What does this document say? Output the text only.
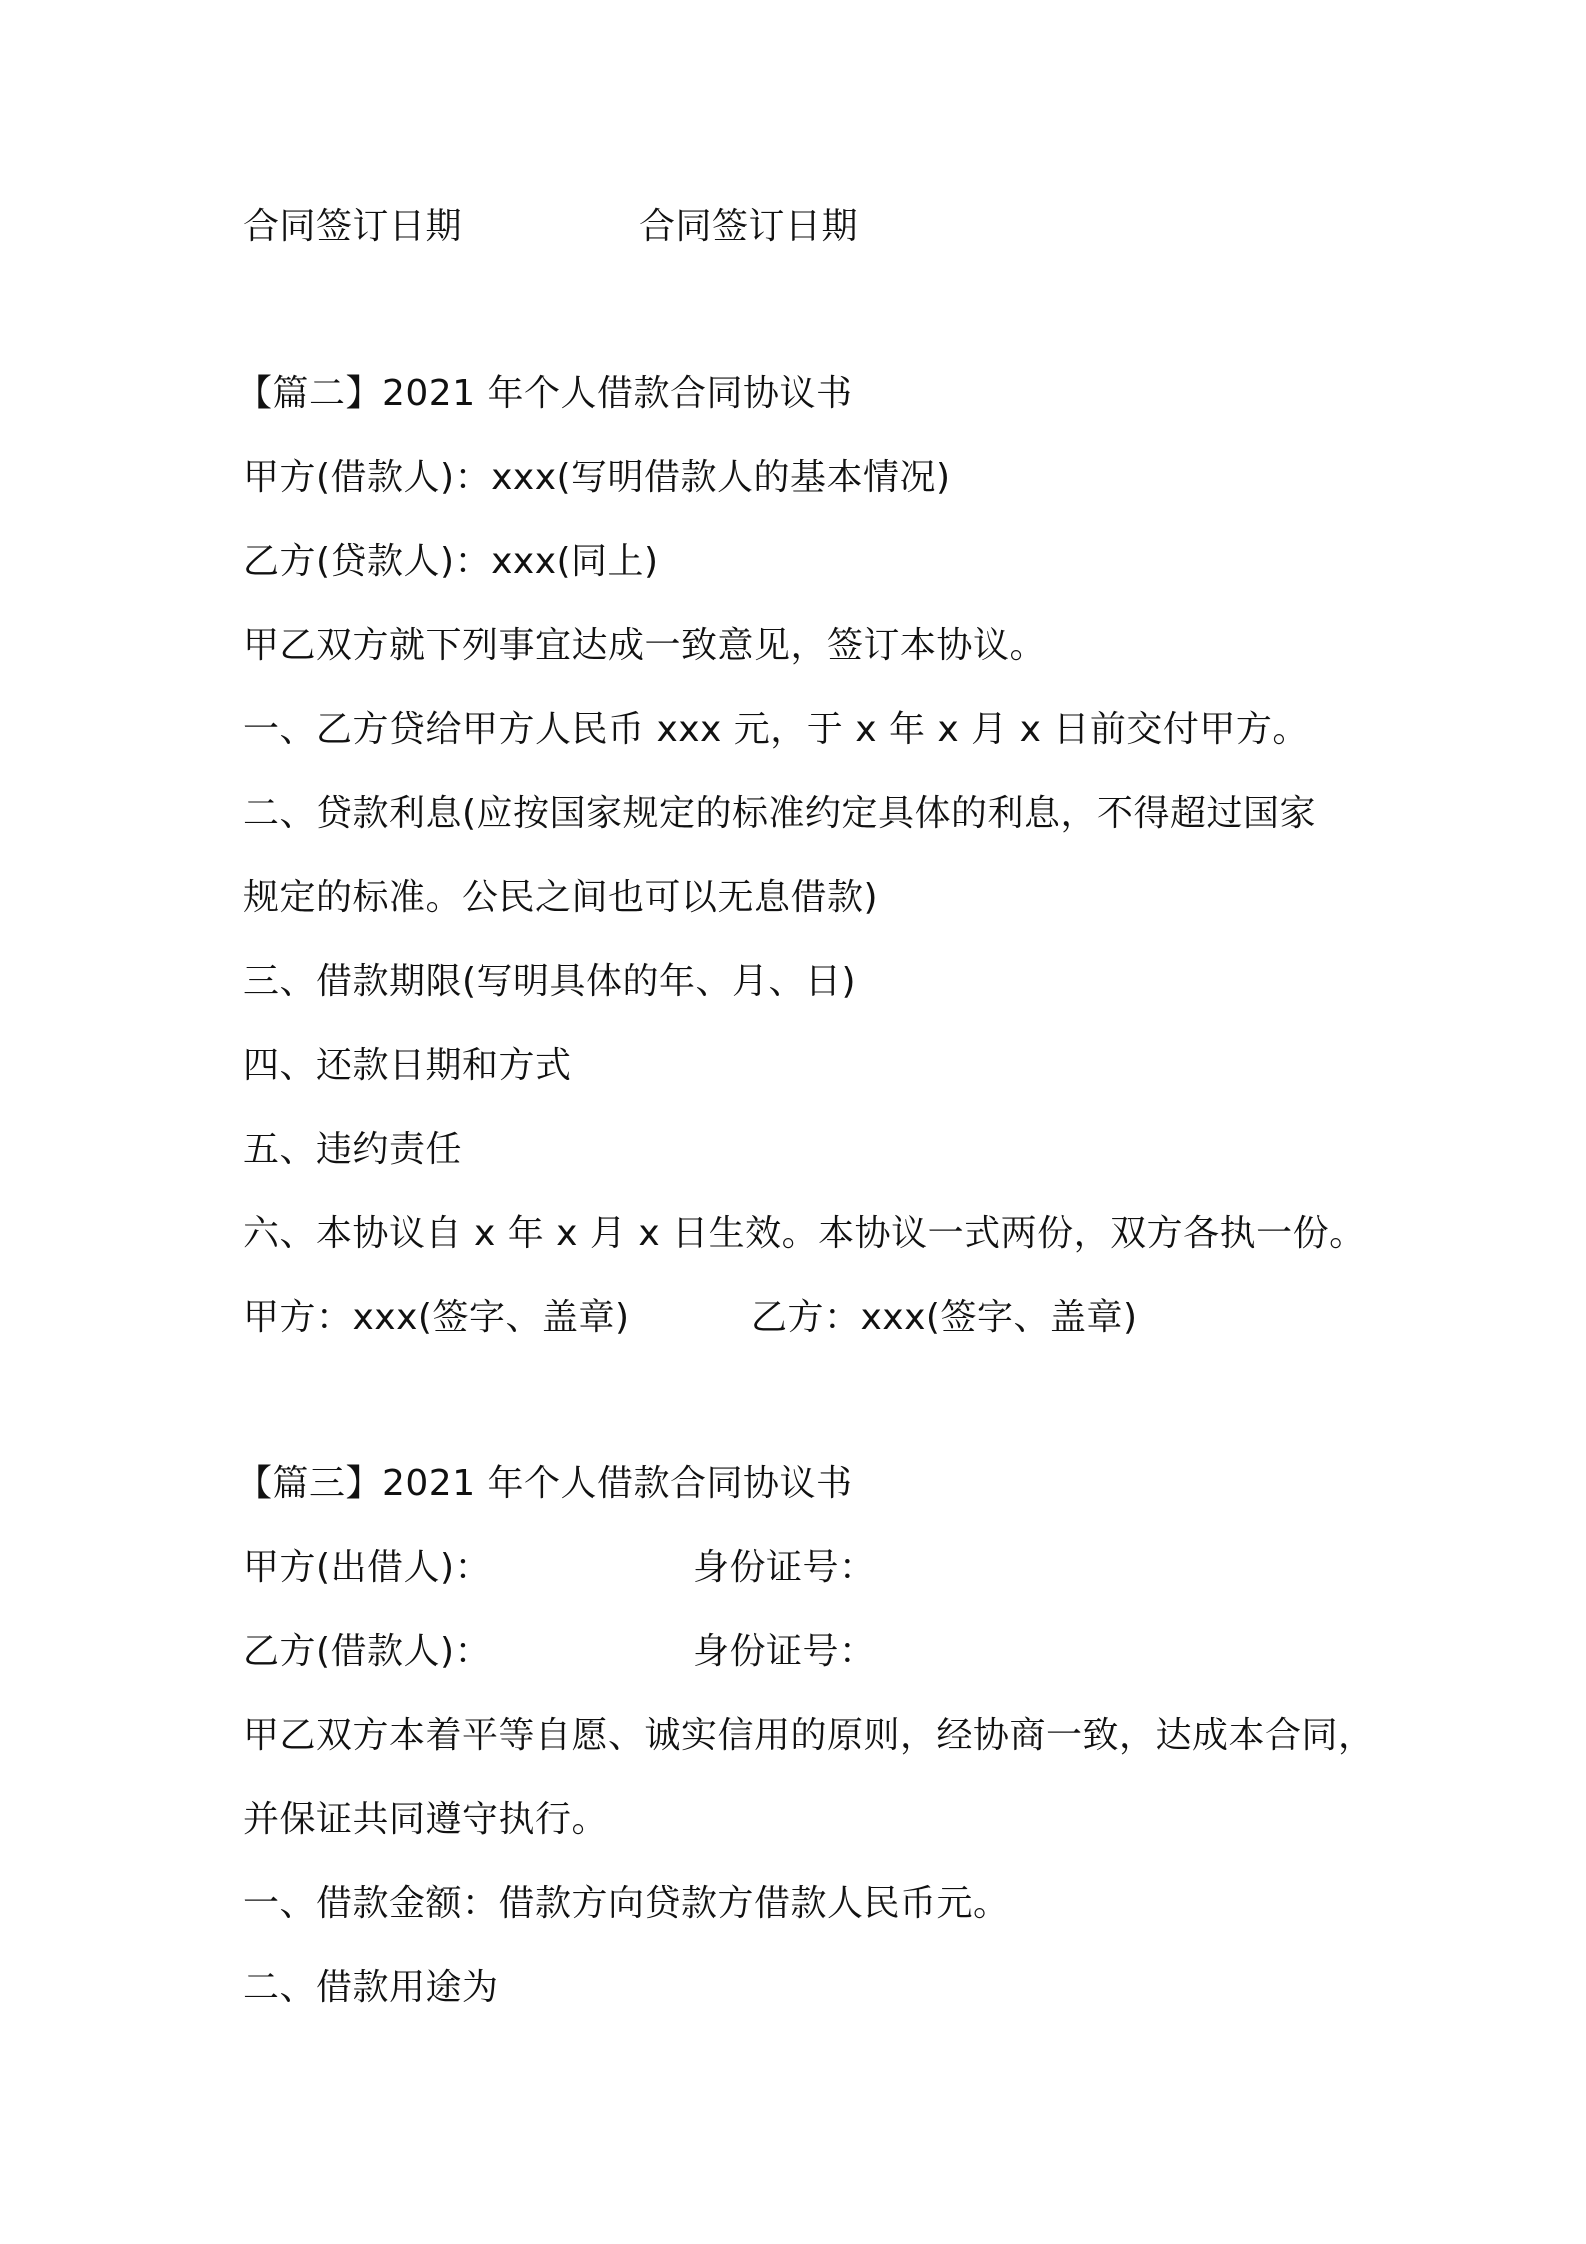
合同签订日期	合同签订日期
【篇二】2021 年个人借款合同协议书
甲方(借款人)：xxx(写明借款人的基本情况)
乙方(贷款人)：xxx(同上)
甲乙双方就下列事宜达成一致意见，签订本协议。
一、乙方贷给甲方人民币 xxx 元，于 x 年 x 月 x 日前交付甲方。
二、贷款利息(应按国家规定的标准约定具体的利息，不得超过国家
规定的标准。公民之间也可以无息借款)
三、借款期限(写明具体的年、月、日)
四、还款日期和方式
五、违约责任
六、本协议自 x 年 x 月 x 日生效。本协议一式两份，双方各执一份。
甲方：xxx(签字、盖章)	乙方：xxx(签字、盖章)
【篇三】2021 年个人借款合同协议书
甲方(出借人)：	身份证号：
乙方(借款人)：	身份证号：
甲乙双方本着平等自愿、诚实信用的原则，经协商一致，达成本合同，
并保证共同遵守执行。
一、借款金额：借款方向贷款方借款人民币元。
二、借款用途为
